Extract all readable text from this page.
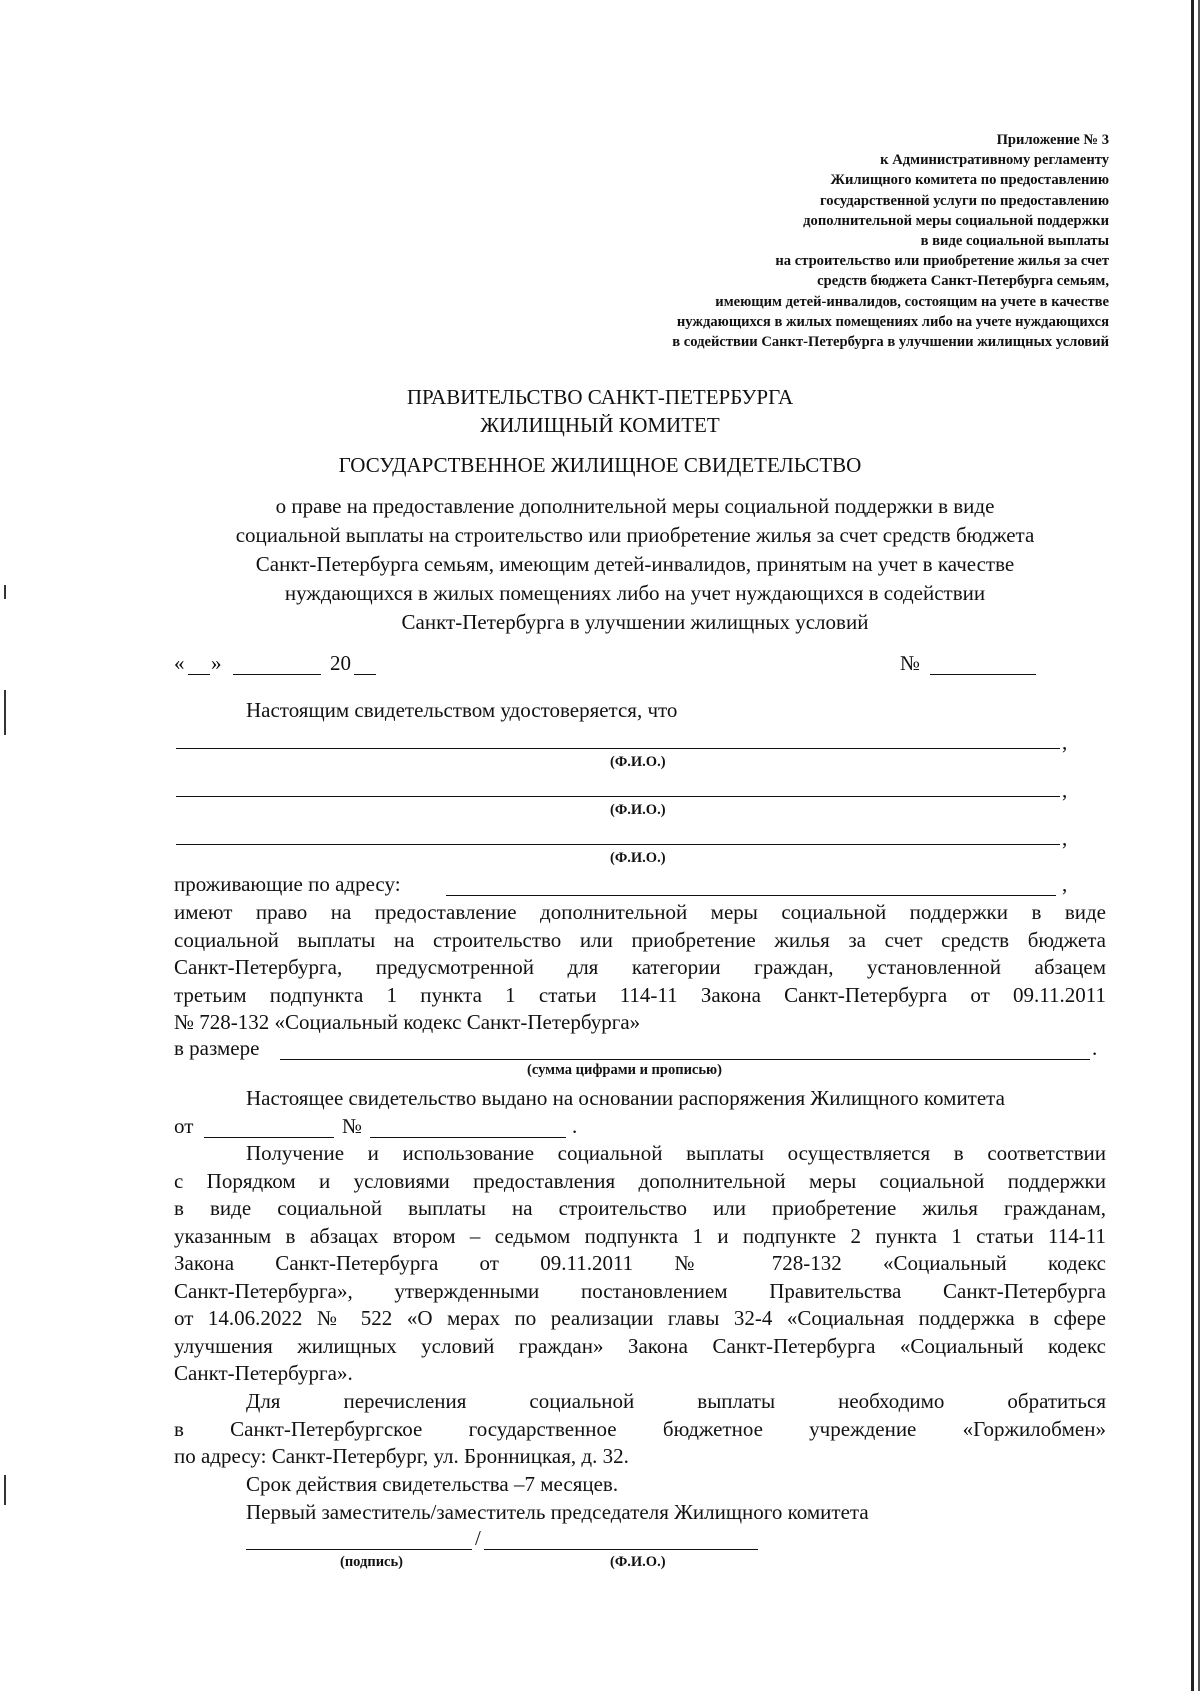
Приложение № 3
к Административному регламенту
Жилищного комитета по предоставлению
государственной услуги по предоставлению
дополнительной меры социальной поддержки
в виде социальной выплаты
на строительство или приобретение жилья за счет
средств бюджета Санкт-Петербурга семьям,
имеющим детей-инвалидов, состоящим на учете в качестве
нуждающихся в жилых помещениях либо на учете нуждающихся
в содействии Санкт-Петербурга в улучшении жилищных условий
ПРАВИТЕЛЬСТВО САНКТ-ПЕТЕРБУРГА
ЖИЛИЩНЫЙ КОМИТЕТ
ГОСУДАРСТВЕННОЕ ЖИЛИЩНОЕ СВИДЕТЕЛЬСТВО
о праве на предоставление дополнительной меры социальной поддержки в виде
социальной выплаты на строительство или приобретение жилья за счет средств бюджета
Санкт-Петербурга семьям, имеющим детей-инвалидов, принятым на учет в качестве
нуждающихся в жилых помещениях либо на учет нуждающихся в содействии
Санкт-Петербурга в улучшении жилищных условий
« »	20	№
Настоящим свидетельством удостоверяется, что
,
(Ф.И.О.)
,
(Ф.И.О.)
,
(Ф.И.О.)
проживающие по адресу:	,
имеют право на предоставление дополнительной меры социальной поддержки в виде
социальной выплаты на строительство или приобретение жилья за счет средств бюджета
Санкт-Петербурга, предусмотренной для категории граждан, установленной абзацем
третьим подпункта 1 пункта 1 статьи 114-11 Закона Санкт-Петербурга от 09.11.2011
№ 728-132 «Социальный кодекс Санкт-Петербурга»
в размере	.
(сумма цифрами и прописью)
Настоящее свидетельство выдано на основании распоряжения Жилищного комитета
от	№	.
Получение и использование социальной выплаты осуществляется в соответствии
с Порядком и условиями предоставления дополнительной меры социальной поддержки
в виде социальной выплаты на строительство или приобретение жилья гражданам,
указанным в абзацах втором – седьмом подпункта 1 и подпункте 2 пункта 1 статьи 114-11
Закона Санкт-Петербурга от 09.11.2011 № 728-132 «Социальный кодекс
Санкт-Петербурга», утвержденными постановлением Правительства Санкт-Петербурга
от 14.06.2022 № 522 «О мерах по реализации главы 32-4 «Социальная поддержка в сфере
улучшения жилищных условий граждан» Закона Санкт-Петербурга «Социальный кодекс
Санкт-Петербурга».
Для перечисления социальной выплаты необходимо обратиться
в Санкт-Петербургское государственное бюджетное учреждение «Горжилобмен»
по адресу: Санкт-Петербург, ул. Бронницкая, д. 32.
Срок действия свидетельства –7 месяцев.
Первый заместитель/заместитель председателя Жилищного комитета
/
(подпись)	(Ф.И.О.)
